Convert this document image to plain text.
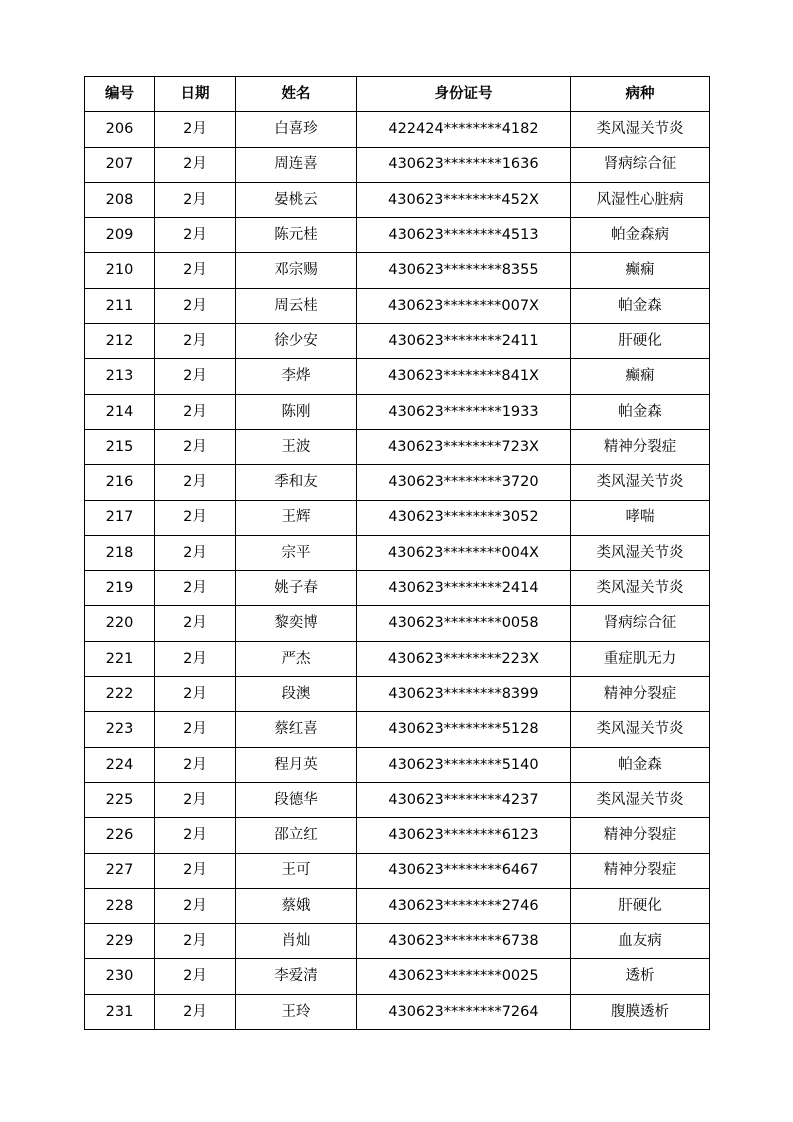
编号	日期	姓名	身份证号	病种
206	2月	白喜珍	422424********4182	类风湿关节炎
207	2月	周连喜	430623********1636	肾病综合征
208	2月	晏桃云	430623********452X	风湿性心脏病
209	2月	陈元桂	430623********4513	帕金森病
210	2月	邓宗赐	430623********8355	癫痫
211	2月	周云桂	430623********007X	帕金森
212	2月	徐少安	430623********2411	肝硬化
213	2月	李烨	430623********841X	癫痫
214	2月	陈刚	430623********1933	帕金森
215	2月	王波	430623********723X	精神分裂症
216	2月	季和友	430623********3720	类风湿关节炎
217	2月	王辉	430623********3052	哮喘
218	2月	宗平	430623********004X	类风湿关节炎
219	2月	姚子春	430623********2414	类风湿关节炎
220	2月	黎奕博	430623********0058	肾病综合征
221	2月	严杰	430623********223X	重症肌无力
222	2月	段澳	430623********8399	精神分裂症
223	2月	蔡红喜	430623********5128	类风湿关节炎
224	2月	程月英	430623********5140	帕金森
225	2月	段德华	430623********4237	类风湿关节炎
226	2月	邵立红	430623********6123	精神分裂症
227	2月	王可	430623********6467	精神分裂症
228	2月	蔡娥	430623********2746	肝硬化
229	2月	肖灿	430623********6738	血友病
230	2月	李爱清	430623********0025	透析
231	2月	王玲	430623********7264	腹膜透析
